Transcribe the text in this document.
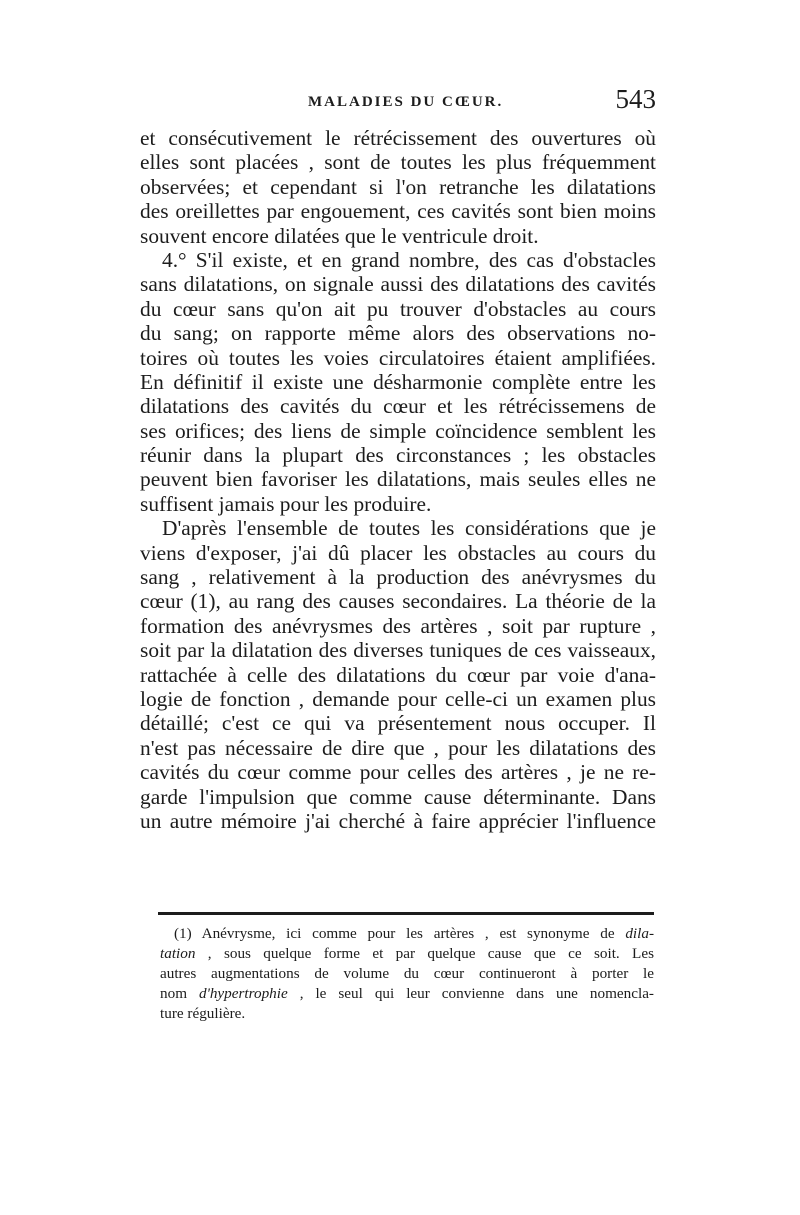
MALADIES DU CŒUR.	543
et consécutivement le rétrécissement des ouvertures où
elles sont placées , sont de toutes les plus fréquemment
observées; et cependant si l'on retranche les dilatations
des oreillettes par engouement, ces cavités sont bien moins
souvent encore dilatées que le ventricule droit.
4.° S'il existe, et en grand nombre, des cas d'obstacles
sans dilatations, on signale aussi des dilatations des cavités
du cœur sans qu'on ait pu trouver d'obstacles au cours
du sang; on rapporte même alors des observations no-
toires où toutes les voies circulatoires étaient amplifiées.
En définitif il existe une désharmonie complète entre les
dilatations des cavités du cœur et les rétrécissemens de
ses orifices; des liens de simple coïncidence semblent les
réunir dans la plupart des circonstances ; les obstacles
peuvent bien favoriser les dilatations, mais seules elles ne
suffisent jamais pour les produire.
D'après l'ensemble de toutes les considérations que je
viens d'exposer, j'ai dû placer les obstacles au cours du
sang , relativement à la production des anévrysmes du
cœur (1), au rang des causes secondaires. La théorie de la
formation des anévrysmes des artères , soit par rupture ,
soit par la dilatation des diverses tuniques de ces vaisseaux,
rattachée à celle des dilatations du cœur par voie d'ana-
logie de fonction , demande pour celle-ci un examen plus
détaillé; c'est ce qui va présentement nous occuper. Il
n'est pas nécessaire de dire que , pour les dilatations des
cavités du cœur comme pour celles des artères , je ne re-
garde l'impulsion que comme cause déterminante. Dans
un autre mémoire j'ai cherché à faire apprécier l'influence
(1) Anévrysme, ici comme pour les artères , est synonyme de dila-
tation , sous quelque forme et par quelque cause que ce soit. Les
autres augmentations de volume du cœur continueront à porter le
nom d'hypertrophie , le seul qui leur convienne dans une nomencla-
ture régulière.
